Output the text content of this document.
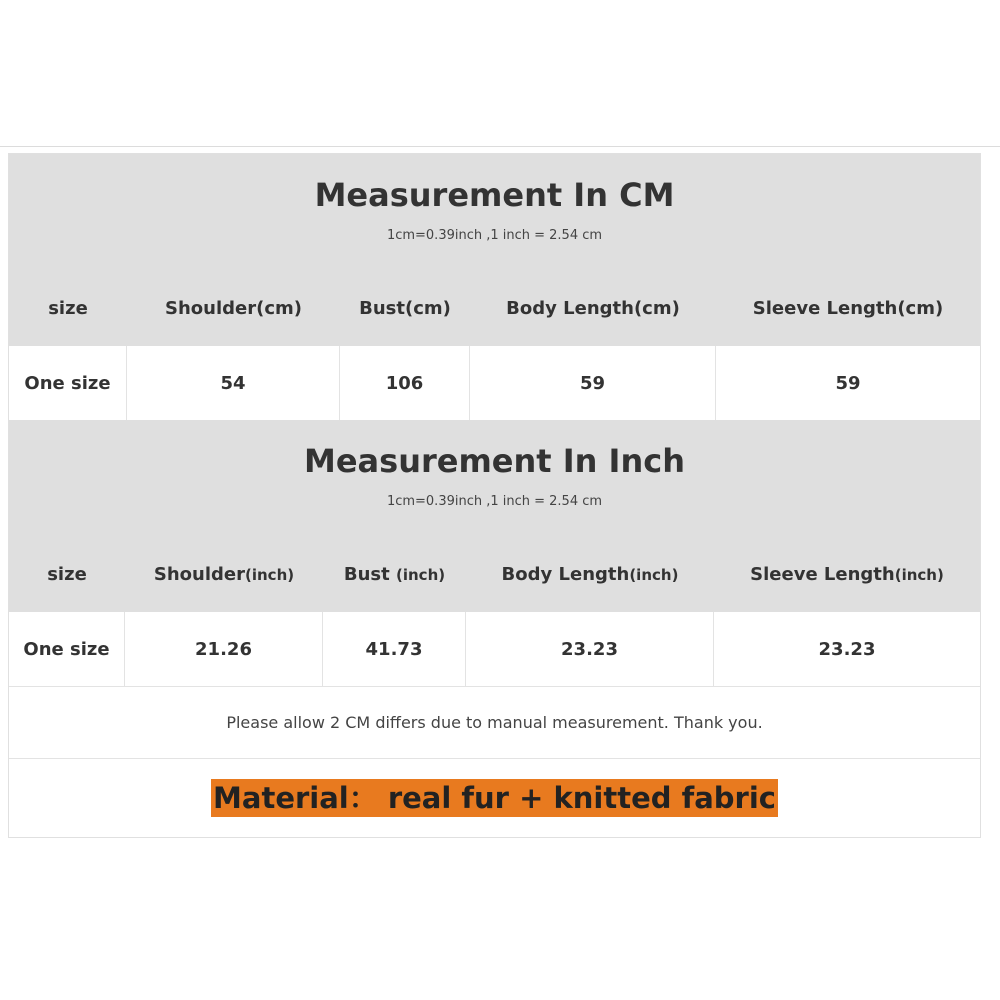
Measurement In CM
1cm=0.39inch ,1 inch = 2.54 cm
size	Shoulder(cm)	Bust(cm)	Body Length(cm)	Sleeve Length(cm)
One size	54	106	59	59
Measurement In Inch
1cm=0.39inch ,1 inch = 2.54 cm
size	Shoulder (inch)	Bust (inch)	Body Length (inch)	Sleeve Length (inch)
One size	21.26	41.73	23.23	23.23
Please allow 2 CM differs due to manual measurement. Thank you.
Material： real fur + knitted fabric
